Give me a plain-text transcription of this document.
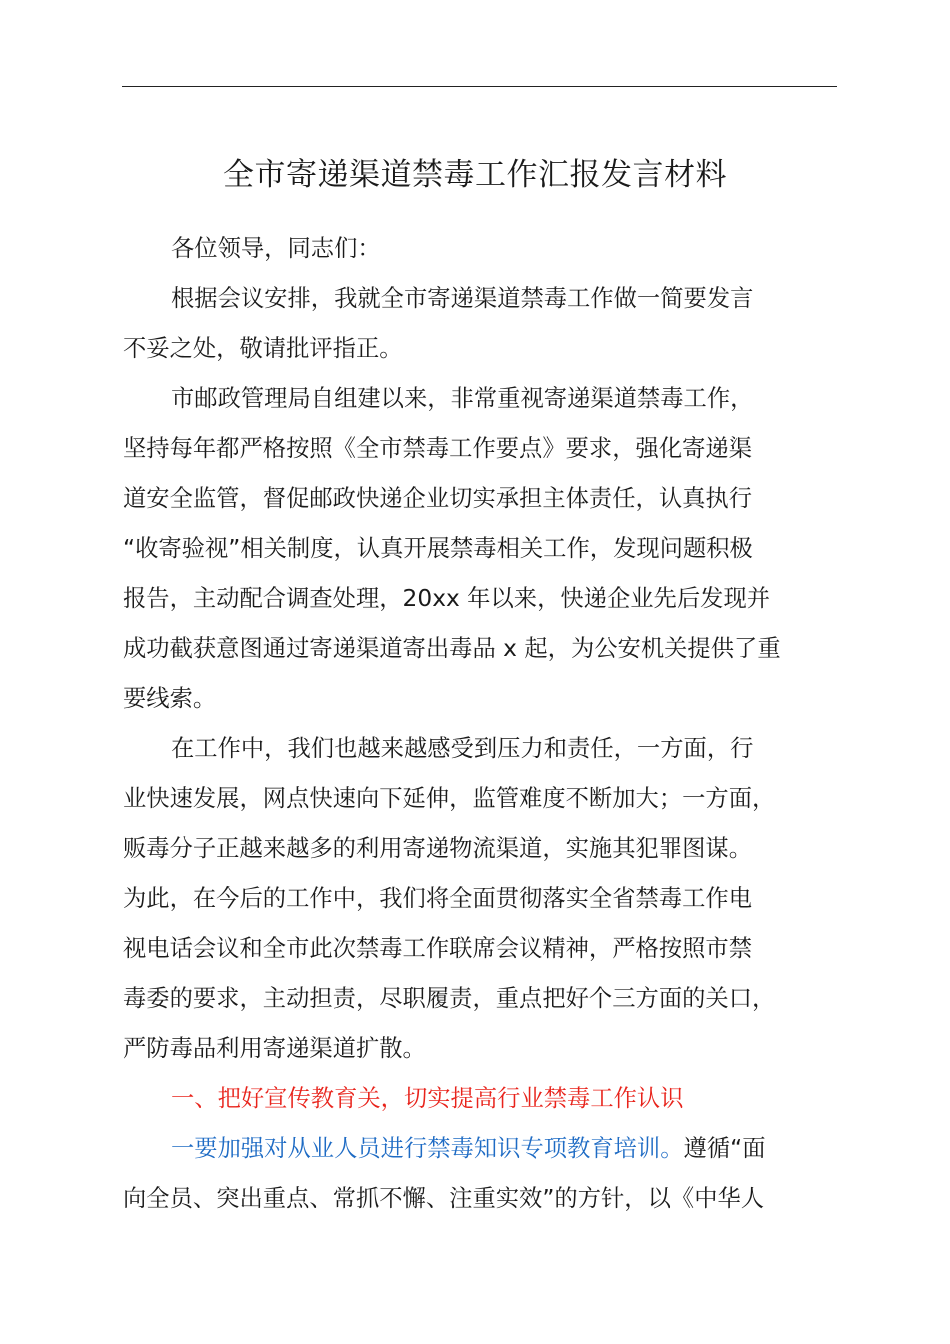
全市寄递渠道禁毒工作汇报发言材料
各位领导，同志们：
根据会议安排，我就全市寄递渠道禁毒工作做一简要发言
不妥之处，敬请批评指正。
市邮政管理局自组建以来，非常重视寄递渠道禁毒工作，
坚持每年都严格按照《全市禁毒工作要点》要求，强化寄递渠
道安全监管，督促邮政快递企业切实承担主体责任，认真执行
“收寄验视”相关制度，认真开展禁毒相关工作，发现问题积极
报告，主动配合调查处理，20xx 年以来，快递企业先后发现并
成功截获意图通过寄递渠道寄出毒品 x 起，为公安机关提供了重
要线索。
在工作中，我们也越来越感受到压力和责任，一方面，行
业快速发展，网点快速向下延伸，监管难度不断加大；一方面，
贩毒分子正越来越多的利用寄递物流渠道，实施其犯罪图谋。
为此，在今后的工作中，我们将全面贯彻落实全省禁毒工作电
视电话会议和全市此次禁毒工作联席会议精神，严格按照市禁
毒委的要求，主动担责，尽职履责，重点把好个三方面的关口，
严防毒品利用寄递渠道扩散。
一、把好宣传教育关，切实提高行业禁毒工作认识
一要加强对从业人员进行禁毒知识专项教育培训。遵循“面
向全员、突出重点、常抓不懈、注重实效”的方针，以《中华人
